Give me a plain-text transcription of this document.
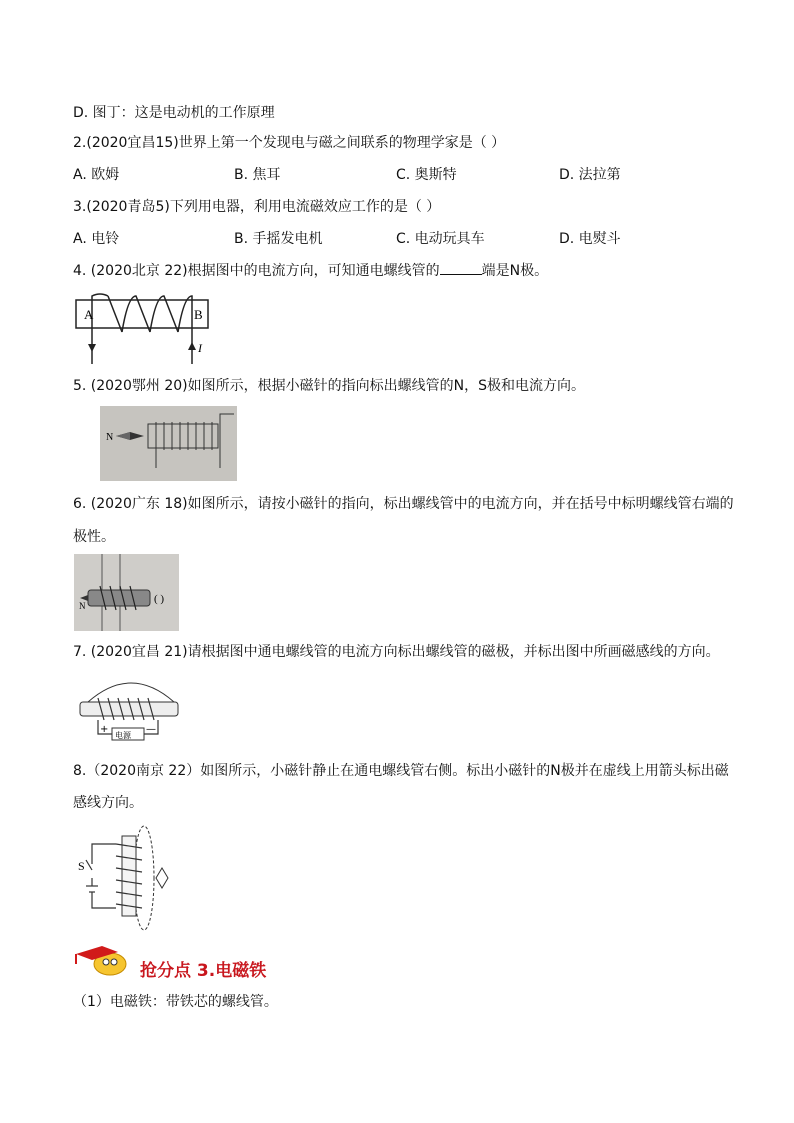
D. 图丁：这是电动机的工作原理
2.(2020宜昌15)世界上第一个发现电与磁之间联系的物理学家是（ ）
A. 欧姆	B. 焦耳	C. 奥斯特	D. 法拉第
3.(2020青岛5)下列用电器，利用电流磁效应工作的是（ ）
A. 电铃	B. 手摇发电机	C. 电动玩具车	D. 电熨斗
4. (2020北京 22)根据图中的电流方向，可知通电螺线管的	端是N极。
A	B
I
5. (2020鄂州 20)如图所示，根据小磁针的指向标出螺线管的N，S极和电流方向。
N
6. (2020广东 18)如图所示，请按小磁针的指向，标出螺线管中的电流方向，并在括号中标明螺线管右端的
极性。
N
( )
7. (2020宜昌 21)请根据图中通电螺线管的电流方向标出螺线管的磁极，并标出图中所画磁感线的方向。
+
电源
—
8.（2020南京 22）如图所示，小磁针静止在通电螺线管右侧。标出小磁针的N极并在虚线上用箭头标出磁
感线方向。
S
抢分点 3.电磁铁
（1）电磁铁：带铁芯的螺线管。
